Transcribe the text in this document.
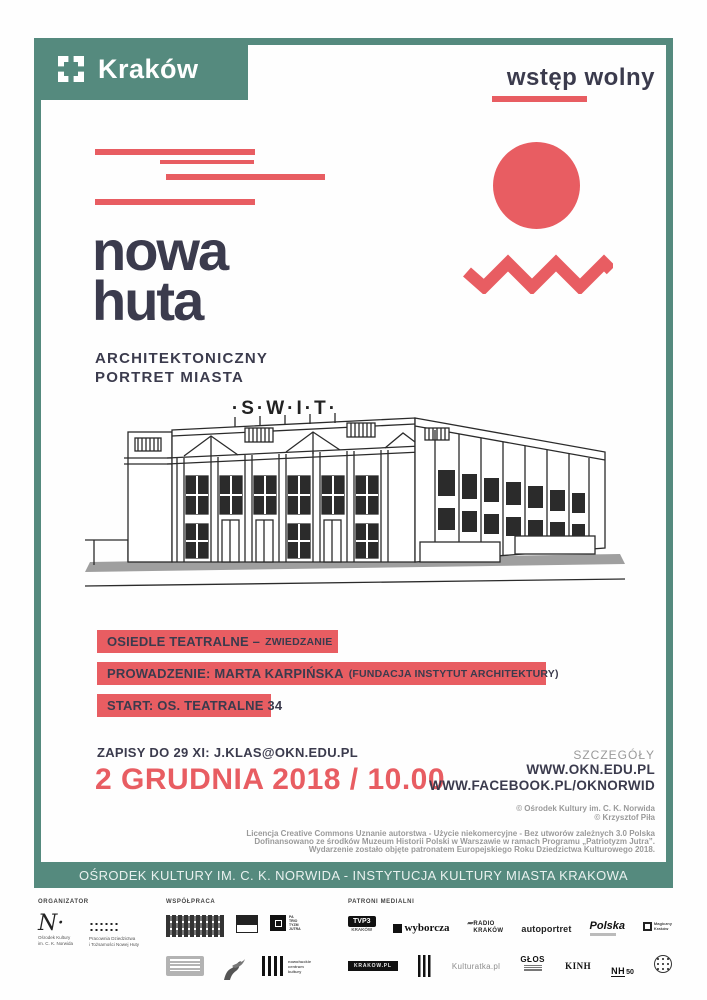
Kraków	wstęp wolny
nowa
huta
ARCHITEKTONICZNY
PORTRET MIASTA
·S·W·I·T·
OSIEDLE TEATRALNE – ZWIEDZANIE
PROWADZENIE: MARTA KARPIŃSKA (FUNDACJA INSTYTUT ARCHITEKTURY)
START: OS. TEATRALNE 34
ZAPISY DO 29 XI: J.KLAS@OKN.EDU.PL
2 GRUDNIA 2018 / 10.00
SZCZEGÓŁY
WWW.OKN.EDU.PL
WWW.FACEBOOK.PL/OKNORWID
© Ośrodek Kultury im. C. K. Norwida
© Krzysztof Piła
Licencja Creative Commons Uznanie autorstwa - Użycie niekomercyjne - Bez utworów zależnych 3.0 Polska
Dofinansowano ze środków Muzeum Historii Polski w Warszawie w ramach Programu „Patriotyzm Jutra”.
Wydarzenie zostało objęte patronatem Europejskiego Roku Dziedzictwa Kulturowego 2018.
OŚRODEK KULTURY IM. C. K. NORWIDA - INSTYTUCJA KULTURY MIASTA KRAKOWA
ORGANIZATOR	WSPÓŁPRACA	PATRONI MEDIALNI
N·
Ośrodek Kultury
im. C. K. Norwida
Pracownia Dziedzictwa
i Tożsamości Nowej Huty
PA
TRIO
TYZM
JUTRA
nowohuckie
centrum
kultury
TVP3
KRAKÓW	wyborcza ⁗ RADIO
KRAKÓW autoportret Polska	Magiczny
Kraków
KRAKOW.PL	Kulturatka.pl
GŁOS
KINH NH50
